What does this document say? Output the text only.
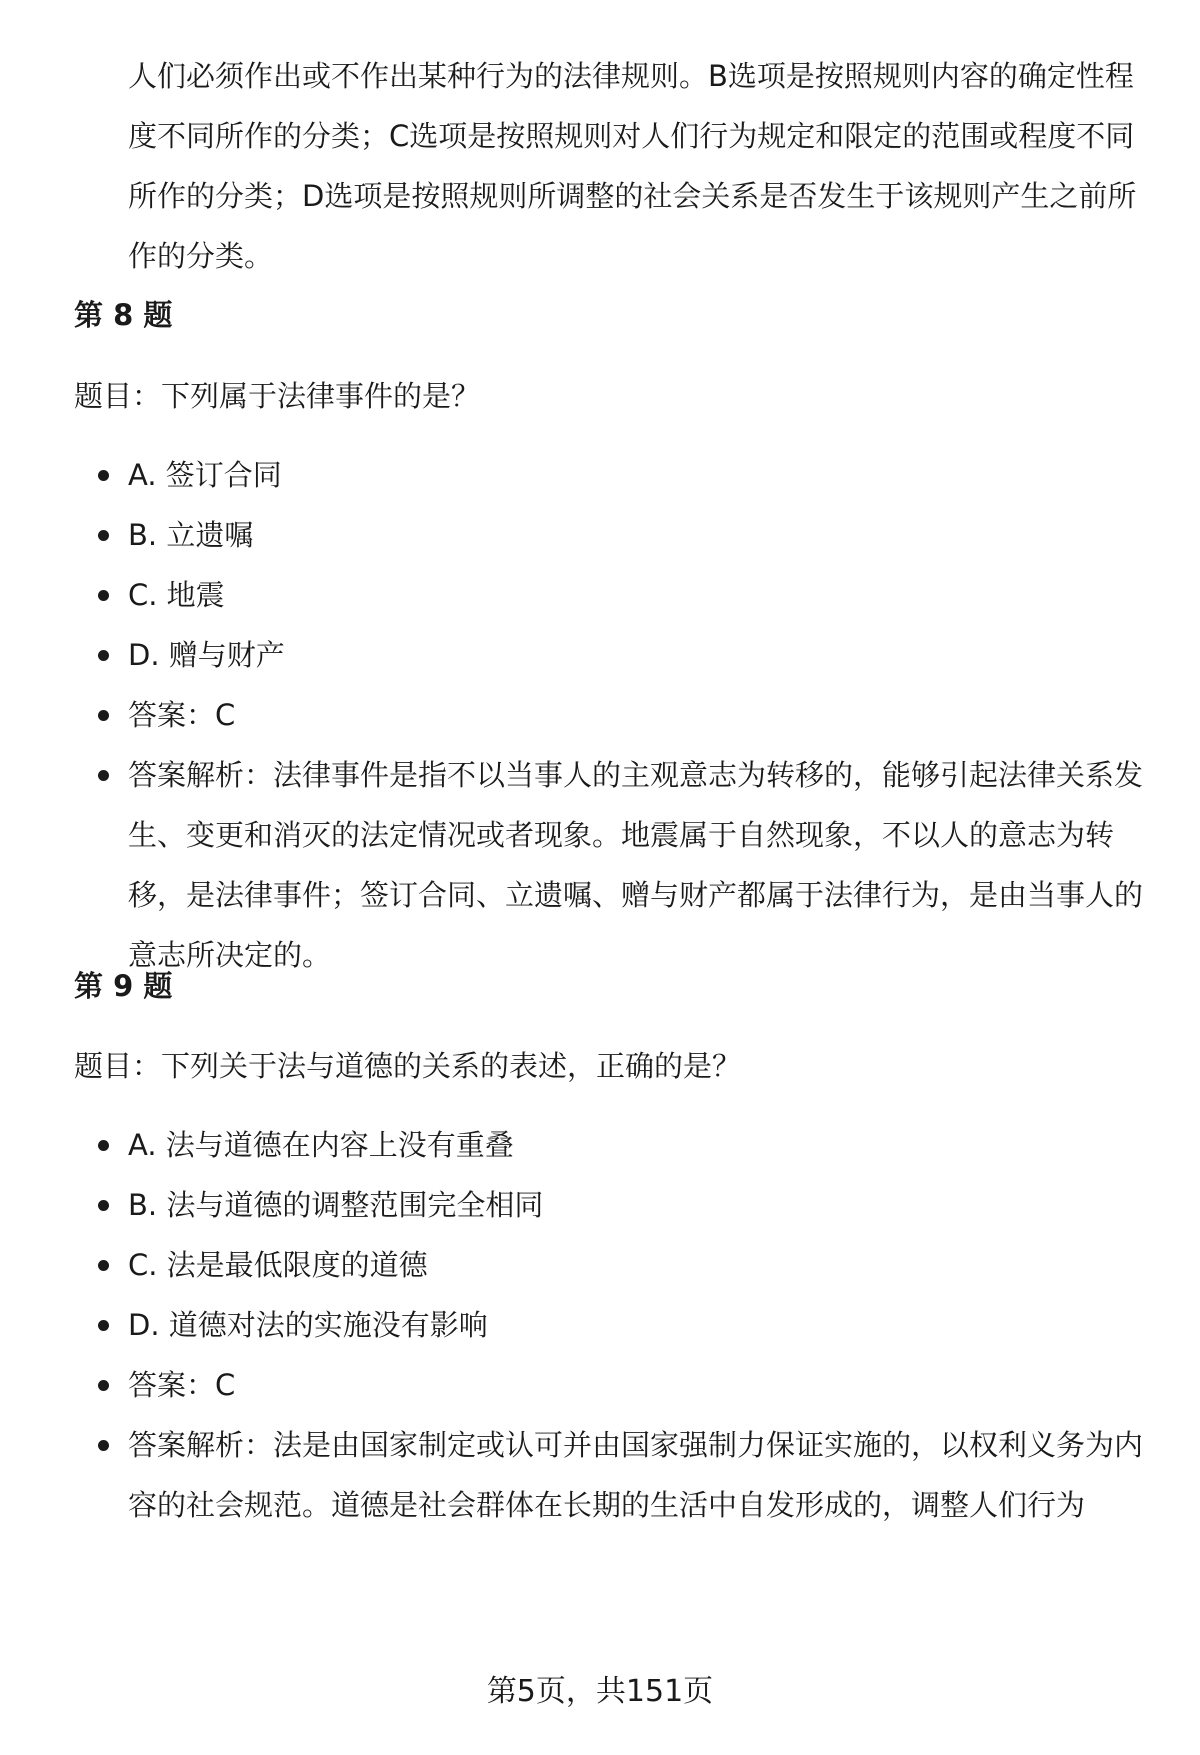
人们必须作出或不作出某种行为的法律规则。B选项是按照规则内容的确定性程度不同所作的分类；C选项是按照规则对人们行为规定和限定的范围或程度不同所作的分类；D选项是按照规则所调整的社会关系是否发生于该规则产生之前所作的分类。

第 8 题

题目：下列属于法律事件的是？

A. 签订合同
B. 立遗嘱
C. 地震
D. 赠与财产
答案：C
答案解析：法律事件是指不以当事人的主观意志为转移的，能够引起法律关系发生、变更和消灭的法定情况或者现象。地震属于自然现象，不以人的意志为转移，是法律事件；签订合同、立遗嘱、赠与财产都属于法律行为，是由当事人的意志所决定的。
第 9 题

题目：下列关于法与道德的关系的表述，正确的是？

A. 法与道德在内容上没有重叠
B. 法与道德的调整范围完全相同
C. 法是最低限度的道德
D. 道德对法的实施没有影响
答案：C
答案解析：法是由国家制定或认可并由国家强制力保证实施的，以权利义务为内容的社会规范。道德是社会群体在长期的生活中自发形成的，调整人们行为
第5页，共151页
